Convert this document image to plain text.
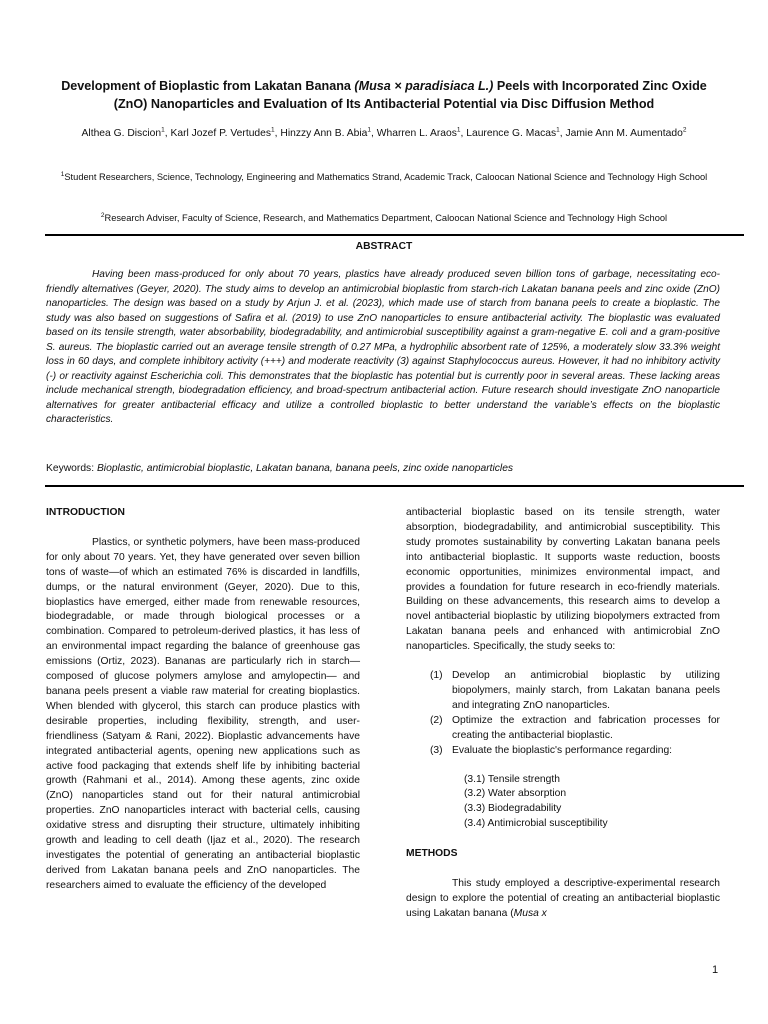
Development of Bioplastic from Lakatan Banana (Musa × paradisiaca L.) Peels with Incorporated Zinc Oxide (ZnO) Nanoparticles and Evaluation of Its Antibacterial Potential via Disc Diffusion Method

Althea G. Discion$^1$, Karl Jozef P. Vertudes$^1$, Hinzzy Ann B. Abia$^1$, Wharren L. Araos$^1$, Laurence G. Macas$^1$, Jamie Ann M. Aumentado$^2$

$^1$Student Researchers, Science, Technology, Engineering and Mathematics Strand, Academic Track, Caloocan National Science and Technology High School

$^2$Research Adviser, Faculty of Science, Research, and Mathematics Department, Caloocan National Science and Technology High School

ABSTRACT

Having been mass-produced for only about 70 years, plastics have already produced seven billion tons of garbage, necessitating eco-friendly alternatives (Geyer, 2020). The study aims to develop an antimicrobial bioplastic from starch-rich Lakatan banana peels and zinc oxide (ZnO) nanoparticles. The design was based on a study by Arjun J. et al. (2023), which made use of starch from banana peels to create a bioplastic. The study was also based on suggestions of Safira et al. (2019) to use ZnO nanoparticles to ensure antibacterial activity. The bioplastic was evaluated based on its tensile strength, water absorbability, biodegradability, and antimicrobial susceptibility against a gram-negative E. coli and a gram-positive S. aureus. The bioplastic carried out an average tensile strength of 0.27 MPa, a hydrophilic absorbent rate of 125%, a moderately slow 33.3% weight loss in 60 days, and complete inhibitory activity (+++) and moderate reactivity (3) against Staphylococcus aureus. However, it had no inhibitory activity (-) or reactivity against Escherichia coli. This demonstrates that the bioplastic has potential but is currently poor in several areas. These lacking areas include mechanical strength, biodegradation efficiency, and broad-spectrum antibacterial action. Future research should investigate ZnO nanoparticle alternatives for greater antibacterial efficacy and utilize a controlled bioplastic to better understand the variable’s effects on the bioplastic characteristics.

Keywords: Bioplastic, antimicrobial bioplastic, Lakatan banana, banana peels, zinc oxide nanoparticles

INTRODUCTION

Plastics, or synthetic polymers, have been mass-produced for only about 70 years. Yet, they have generated over seven billion tons of waste—of which an estimated 76% is discarded in landfills, dumps, or the natural environment (Geyer, 2020). Due to this, bioplastics have emerged, either made from renewable resources, biodegradable, or made through biological processes or a combination. Compared to petroleum-derived plastics, it has less of an environmental impact regarding the balance of greenhouse gas emissions (Ortiz, 2023). Bananas are particularly rich in starch—composed of glucose polymers amylose and amylopectin— and banana peels present a viable raw material for creating bioplastics. When blended with glycerol, this starch can produce plastics with desirable properties, including flexibility, strength, and user-friendliness (Satyam & Rani, 2022). Bioplastic advancements have integrated antibacterial agents, opening new applications such as active food packaging that extends shelf life by inhibiting bacterial growth (Rahmani et al., 2014). Among these agents, zinc oxide (ZnO) nanoparticles stand out for their natural antimicrobial properties. ZnO nanoparticles interact with bacterial cells, causing oxidative stress and disrupting their structure, ultimately inhibiting growth and leading to cell death (Ijaz et al., 2020). The research investigates the potential of generating an antibacterial bioplastic derived from Lakatan banana peels and ZnO nanoparticles. The researchers aimed to evaluate the efficiency of the developed

antibacterial bioplastic based on its tensile strength, water absorption, biodegradability, and antimicrobial susceptibility. This study promotes sustainability by converting Lakatan banana peels into antibacterial bioplastic. It supports waste reduction, boosts economic opportunities, minimizes environmental impact, and provides a foundation for future research in eco-friendly materials. Building on these advancements, this research aims to develop a novel antibacterial bioplastic by utilizing biopolymers extracted from Lakatan banana peels and enhanced with antimicrobial ZnO nanoparticles. Specifically, the study seeks to:

(1) Develop an antimicrobial bioplastic by utilizing biopolymers, mainly starch, from Lakatan banana peels and integrating ZnO nanoparticles.
(2) Optimize the extraction and fabrication processes for creating the antibacterial bioplastic.
(3) Evaluate the bioplastic's performance regarding:
(3.1) Tensile strength
(3.2) Water absorption
(3.3) Biodegradability
(3.4) Antimicrobial susceptibility

METHODS

This study employed a descriptive-experimental research design to explore the potential of creating an antibacterial bioplastic using Lakatan banana (Musa x

1
